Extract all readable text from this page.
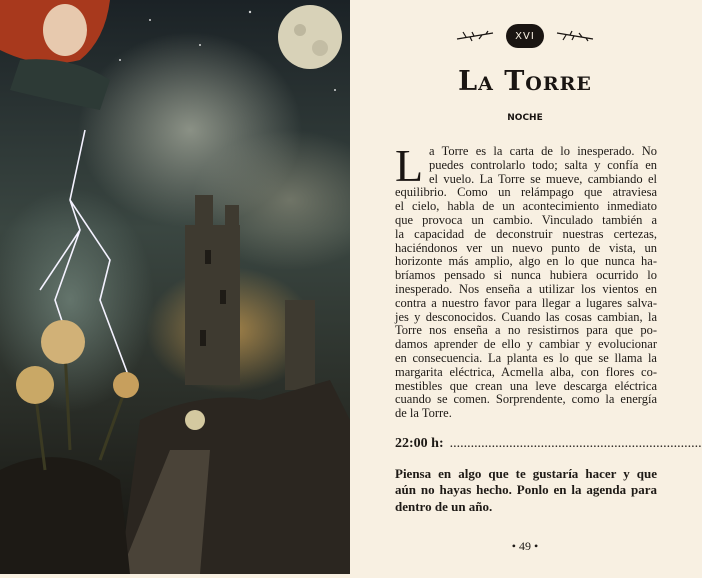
XVI
La Torre
NOCHE
L a Torre es la carta de lo inesperado. No
puedes controlarlo todo; salta y confía en
el vuelo. La Torre se mueve, cambiando el
equilibrio. Como un relámpago que atraviesa
el cielo, habla de un acontecimiento inmediato
que provoca un cambio. Vinculado también a
la capacidad de deconstruir nuestras certezas,
haciéndonos ver un nuevo punto de vista, un
horizonte más amplio, algo en lo que nunca ha-
bríamos pensado si nunca hubiera ocurrido lo
inesperado. Nos enseña a utilizar los vientos en
contra a nuestro favor para llegar a lugares salva-
jes y desconocidos. Cuando las cosas cambian, la
Torre nos enseña a no resistirnos para que po-
damos aprender de ello y cambiar y evolucionar
en consecuencia. La planta es lo que se llama la
margarita eléctrica, Acmella alba, con flores co-
mestibles que crean una leve descarga eléctrica
cuando se comen. Sorprendente, como la energía
de la Torre.
22:00 h: ........................................................................
Piensa en algo que te gustaría hacer y que
aún no hayas hecho. Ponlo en la agenda para
dentro de un año.
• 49 •
